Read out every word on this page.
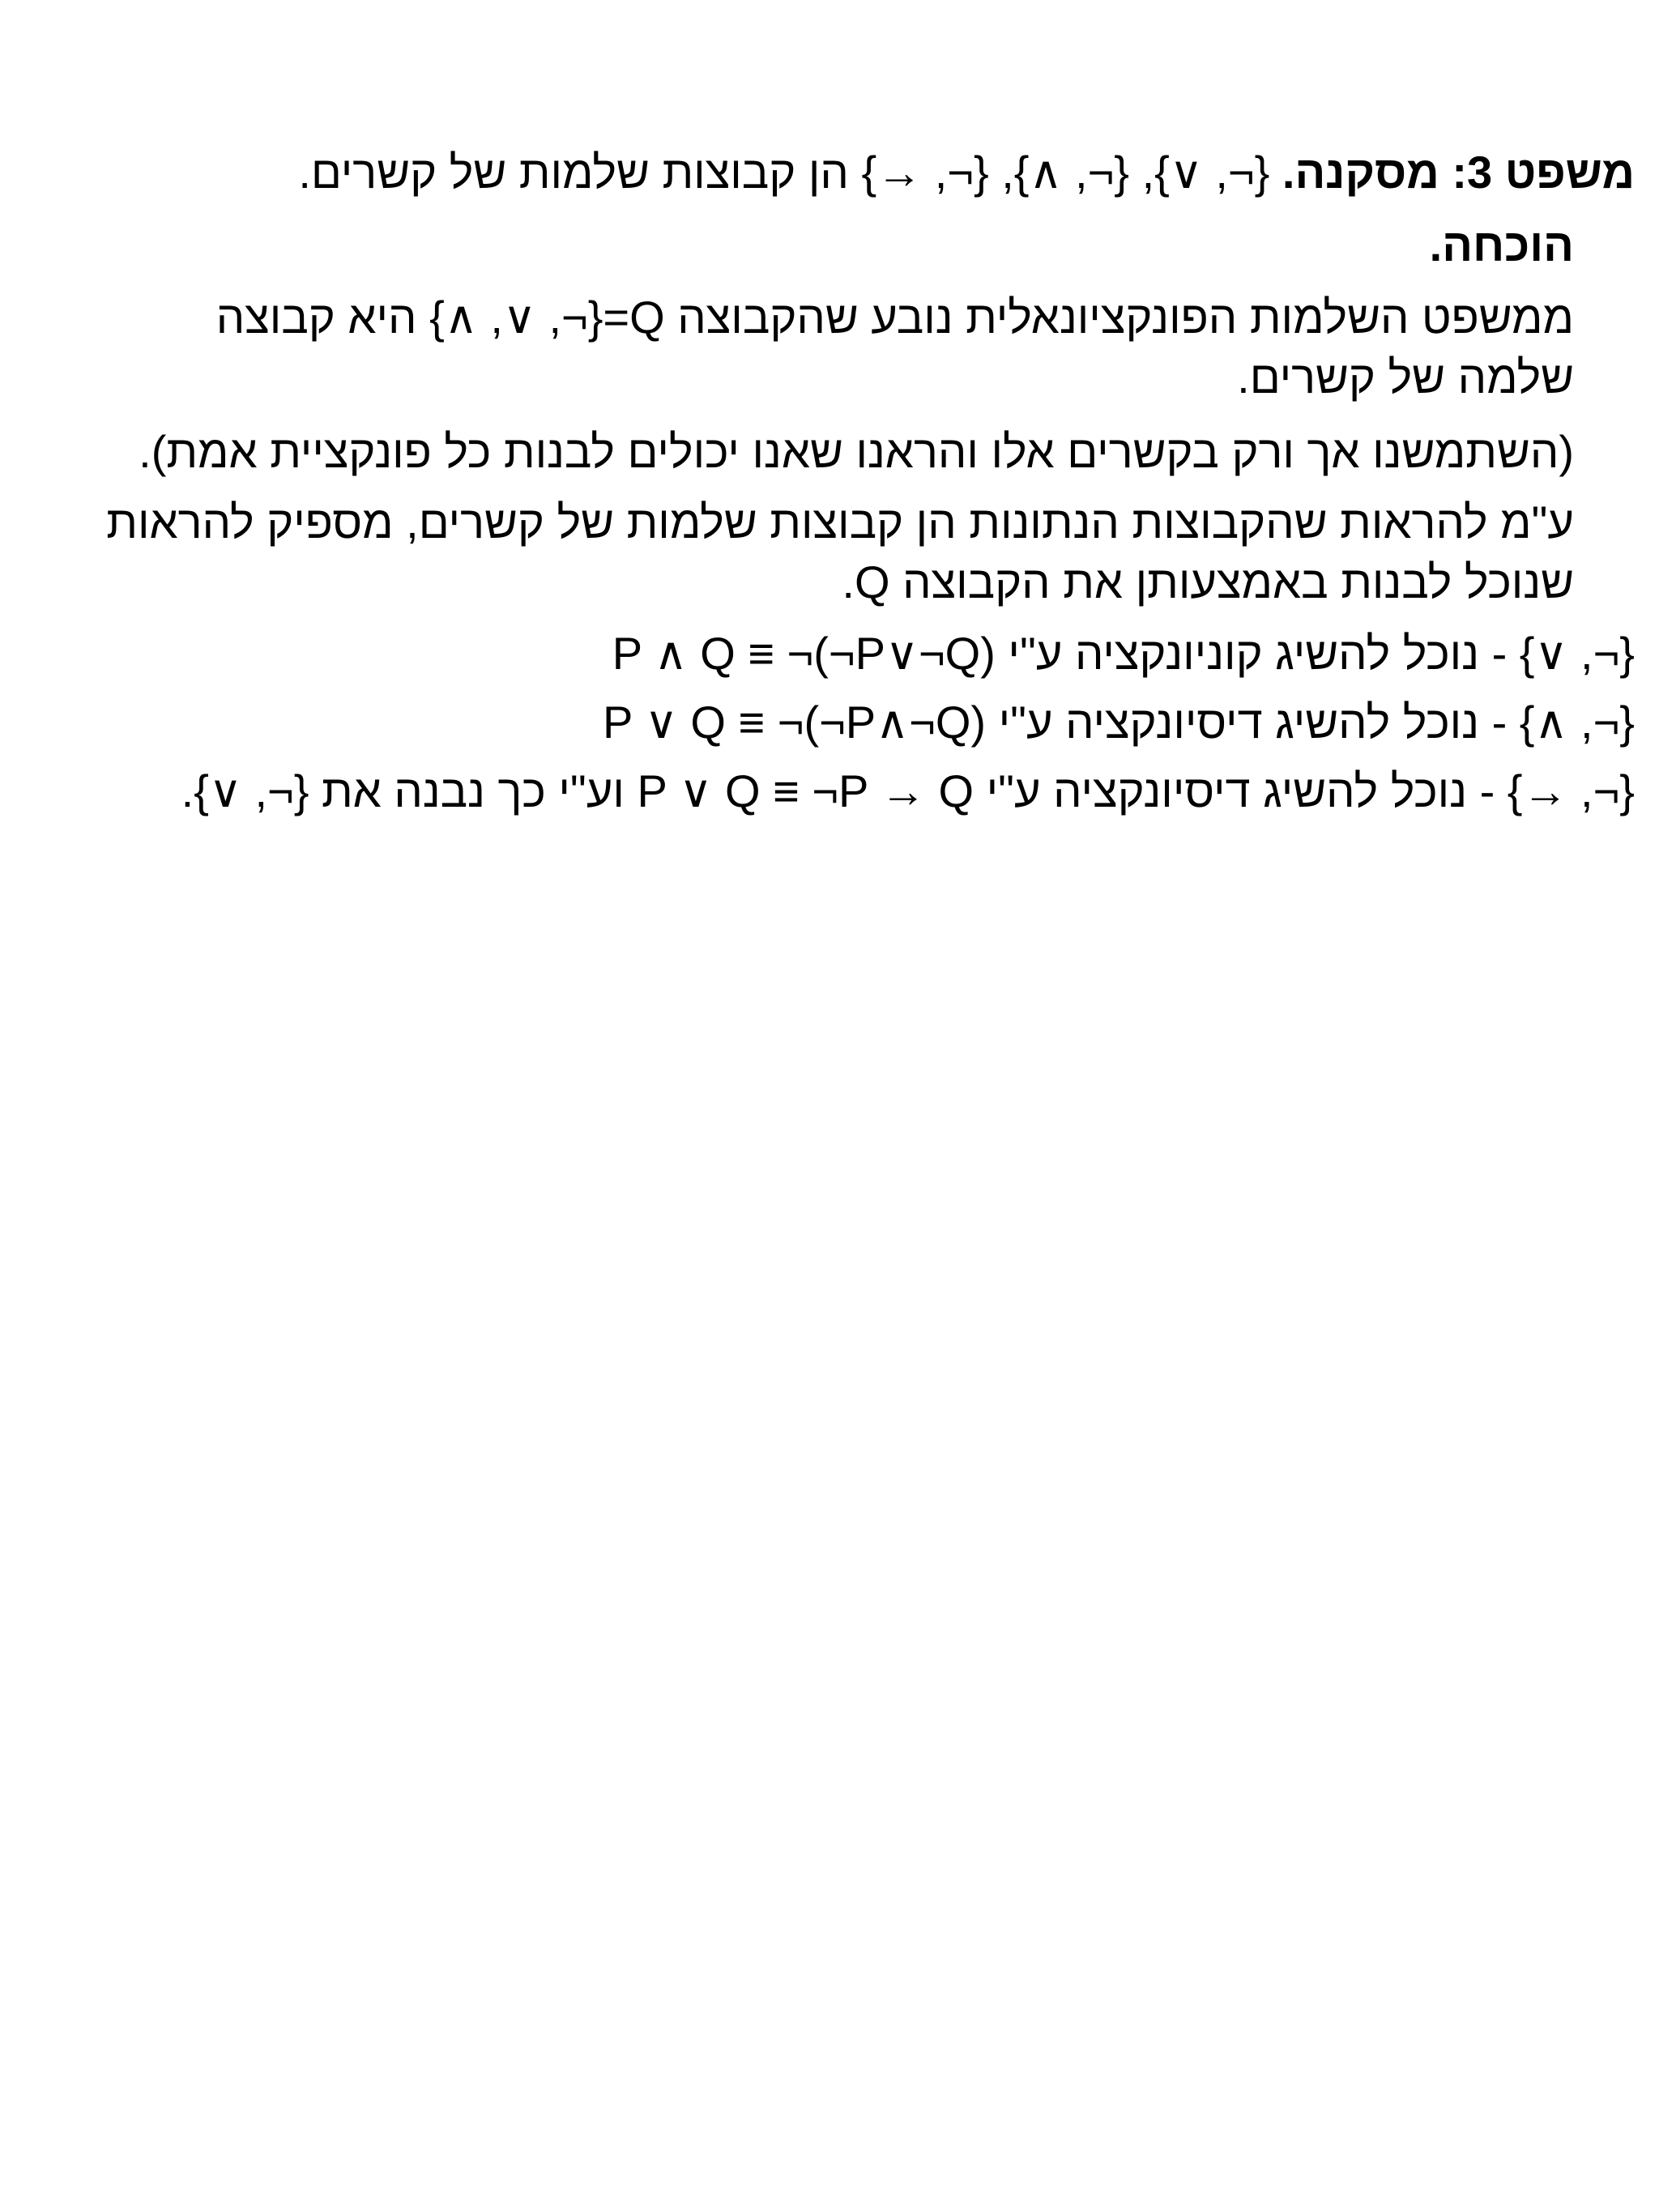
משפט 3: מסקנה. {¬, ∨}, {¬, ∧}, {¬, →} הן קבוצות שלמות של קשרים.
הוכחה.
ממשפט השלמות הפונקציונאלית נובע שהקבוצה Q={¬, ∨, ∧} היא קבוצה שלמה של קשרים.
(השתמשנו אך ורק בקשרים אלו והראנו שאנו יכולים לבנות כל פונקציית אמת).
ע"מ להראות שהקבוצות הנתונות הן קבוצות שלמות של קשרים, מספיק להראות שנוכל לבנות באמצעותן את הקבוצה Q.
{¬, ∨} - נוכל להשיג קוניונקציה ע"י P ∧ Q ≡ ¬(¬P∨¬Q)
{¬, ∧} - נוכל להשיג דיסיונקציה ע"י P ∨ Q ≡ ¬(¬P∧¬Q)
{¬, →} - נוכל להשיג דיסיונקציה ע"י P ∨ Q ≡ ¬P → Q וע"י כך נבנה את {¬, ∨}.
